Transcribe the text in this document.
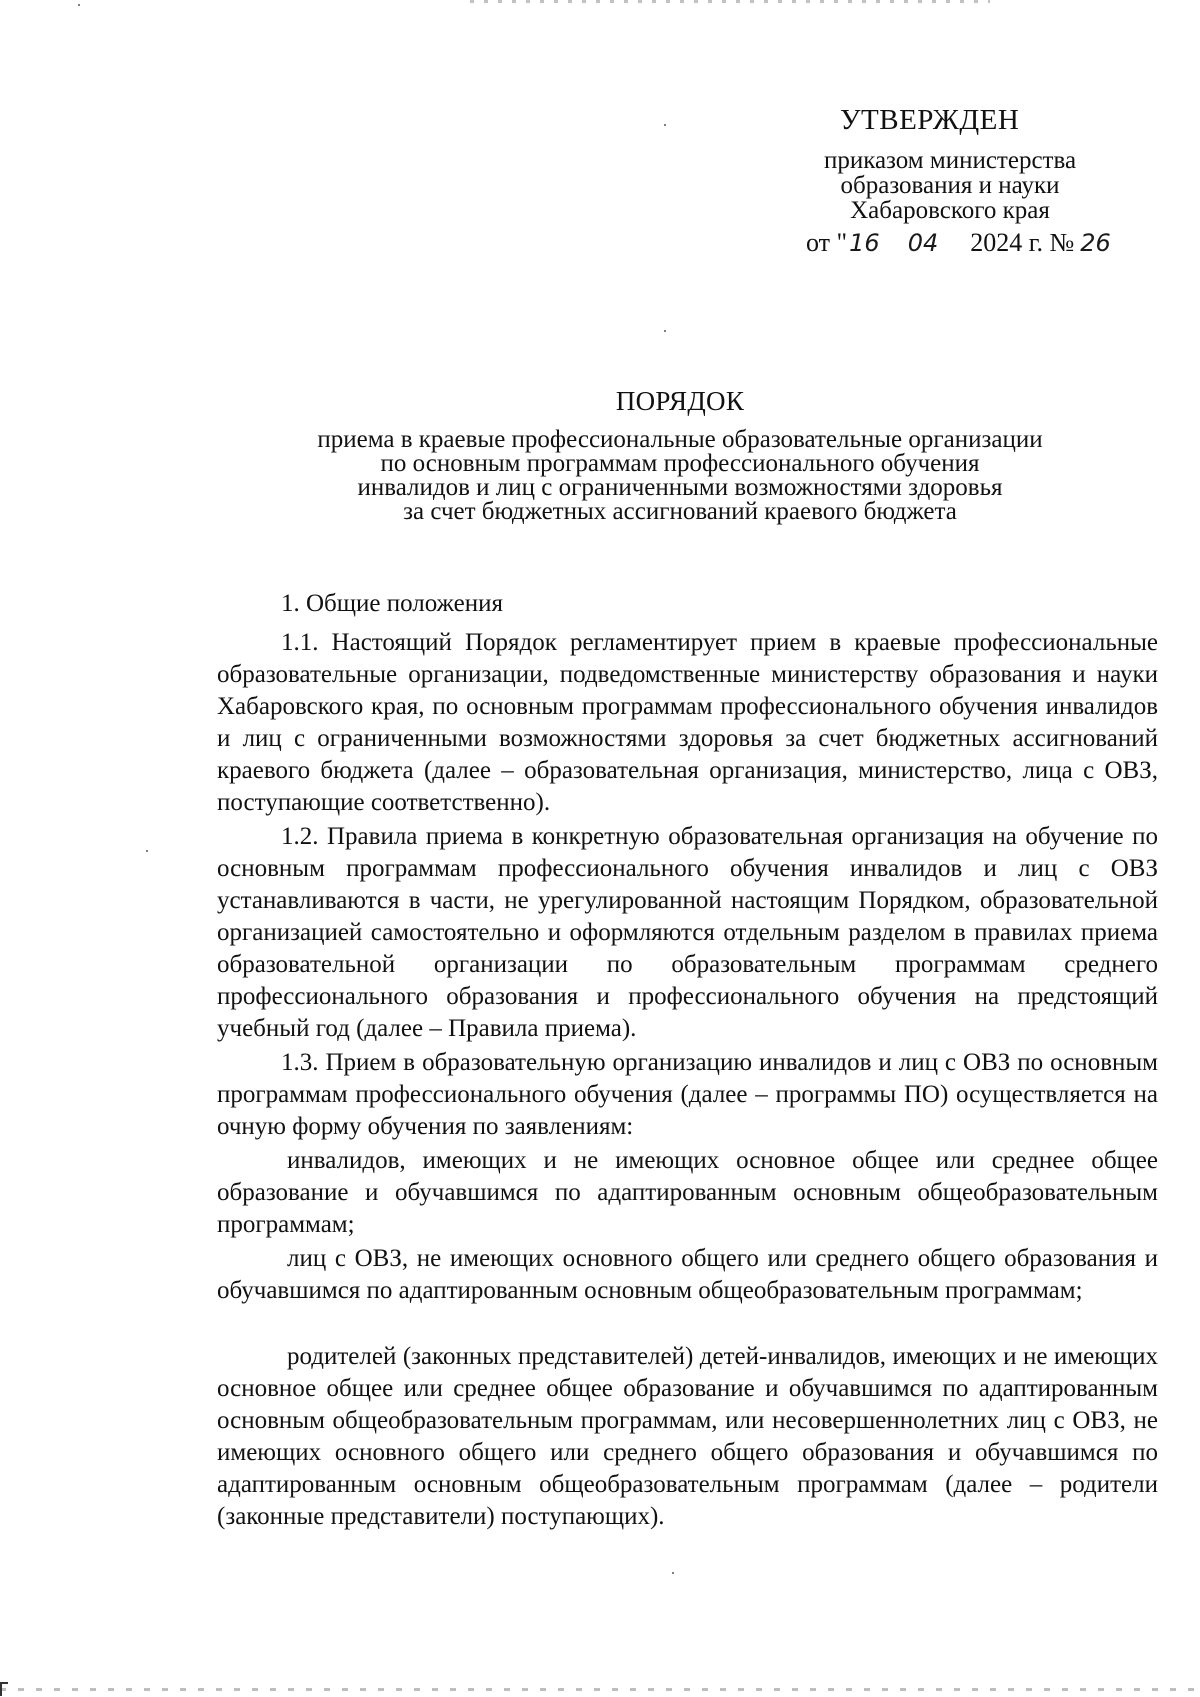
УТВЕРЖДЕН
приказом министерства
образования и науки
Хабаровского края
от "16 04 2024 г. № 26
ПОРЯДОК
приема в краевые профессиональные образовательные организации
по основным программам профессионального обучения
инвалидов и лиц с ограниченными возможностями здоровья
за счет бюджетных ассигнований краевого бюджета
1. Общие положения

1.1. Настоящий Порядок регламентирует прием в краевые профессиональные образовательные организации, подведомственные министерству образования и науки Хабаровского края, по основным программам профессионального обучения инвалидов и лиц с ограниченными возможностями здоровья за счет бюджетных ассигнований краевого бюджета (далее – образовательная организация, министерство, лица с ОВЗ, поступающие соответственно).

1.2. Правила приема в конкретную образовательная организация на обучение по основным программам профессионального обучения инвалидов и лиц с ОВЗ устанавливаются в части, не урегулированной настоящим Порядком, образовательной организацией самостоятельно и оформляются отдельным разделом в правилах приема образовательной организации по образовательным программам среднего профессионального образования и профессионального обучения на предстоящий учебный год (далее – Правила приема).

1.3. Прием в образовательную организацию инвалидов и лиц с ОВЗ по основным программам профессионального обучения (далее – программы ПО) осуществляется на очную форму обучения по заявлениям:

инвалидов, имеющих и не имеющих основное общее или среднее общее образование и обучавшимся по адаптированным основным общеобразовательным программам;

лиц с ОВЗ, не имеющих основного общего или среднего общего образования и обучавшимся по адаптированным основным общеобразовательным программам;

родителей (законных представителей) детей-инвалидов, имеющих и не имеющих основное общее или среднее общее образование и обучавшимся по адаптированным основным общеобразовательным программам, или несовершеннолетних лиц с ОВЗ, не имеющих основного общего или среднего общего образования и обучавшимся по адаптированным основным общеобразовательным программам (далее – родители (законные представители) поступающих).
